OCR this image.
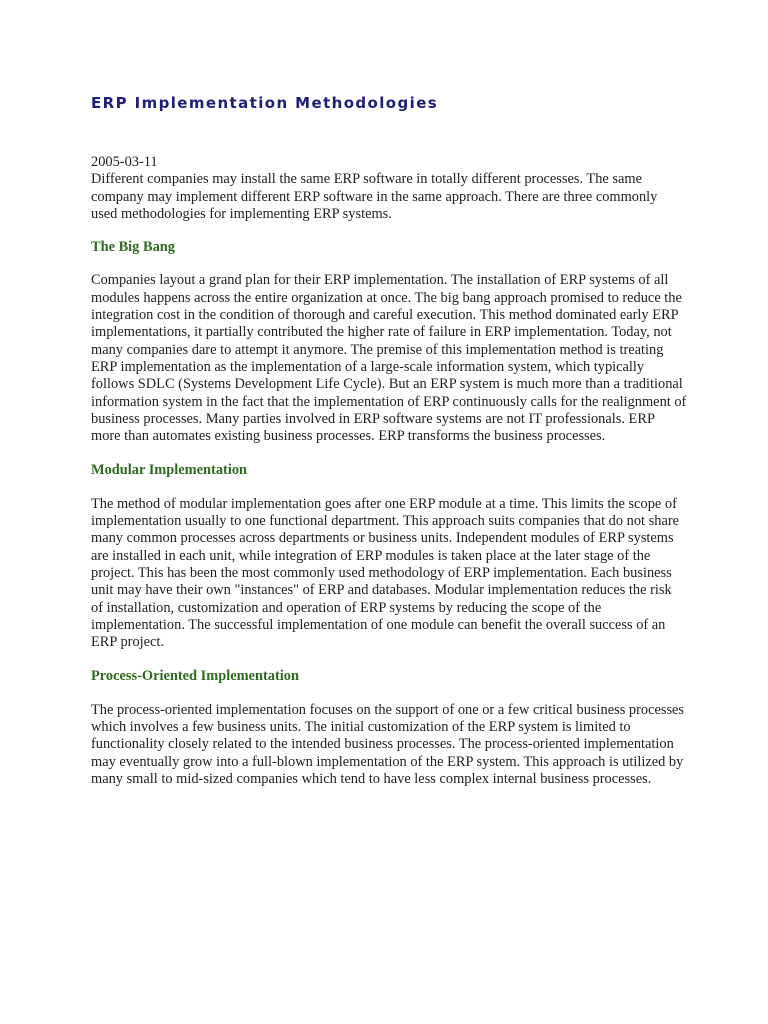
ERP Implementation Methodologies

2005-03-11

Different companies may install the same ERP software in totally different processes. The same company may implement different ERP software in the same approach. There are three commonly used methodologies for implementing ERP systems.

The Big Bang

Companies layout a grand plan for their ERP implementation. The installation of ERP systems of all modules happens across the entire organization at once. The big bang approach promised to reduce the integration cost in the condition of thorough and careful execution. This method dominated early ERP implementations, it partially contributed the higher rate of failure in ERP implementation. Today, not many companies dare to attempt it anymore. The premise of this implementation method is treating ERP implementation as the implementation of a large-scale information system, which typically follows SDLC (Systems Development Life Cycle). But an ERP system is much more than a traditional information system in the fact that the implementation of ERP continuously calls for the realignment of business processes. Many parties involved in ERP software systems are not IT professionals. ERP more than automates existing business processes. ERP transforms the business processes.

Modular Implementation

The method of modular implementation goes after one ERP module at a time. This limits the scope of implementation usually to one functional department. This approach suits companies that do not share many common processes across departments or business units. Independent modules of ERP systems are installed in each unit, while integration of ERP modules is taken place at the later stage of the project. This has been the most commonly used methodology of ERP implementation. Each business unit may have their own "instances" of ERP and databases. Modular implementation reduces the risk of installation, customization and operation of ERP systems by reducing the scope of the implementation. The successful implementation of one module can benefit the overall success of an ERP project.

Process-Oriented Implementation

The process-oriented implementation focuses on the support of one or a few critical business processes which involves a few business units. The initial customization of the ERP system is limited to functionality closely related to the intended business processes. The process-oriented implementation may eventually grow into a full-blown implementation of the ERP system. This approach is utilized by many small to mid-sized companies which tend to have less complex internal business processes.
